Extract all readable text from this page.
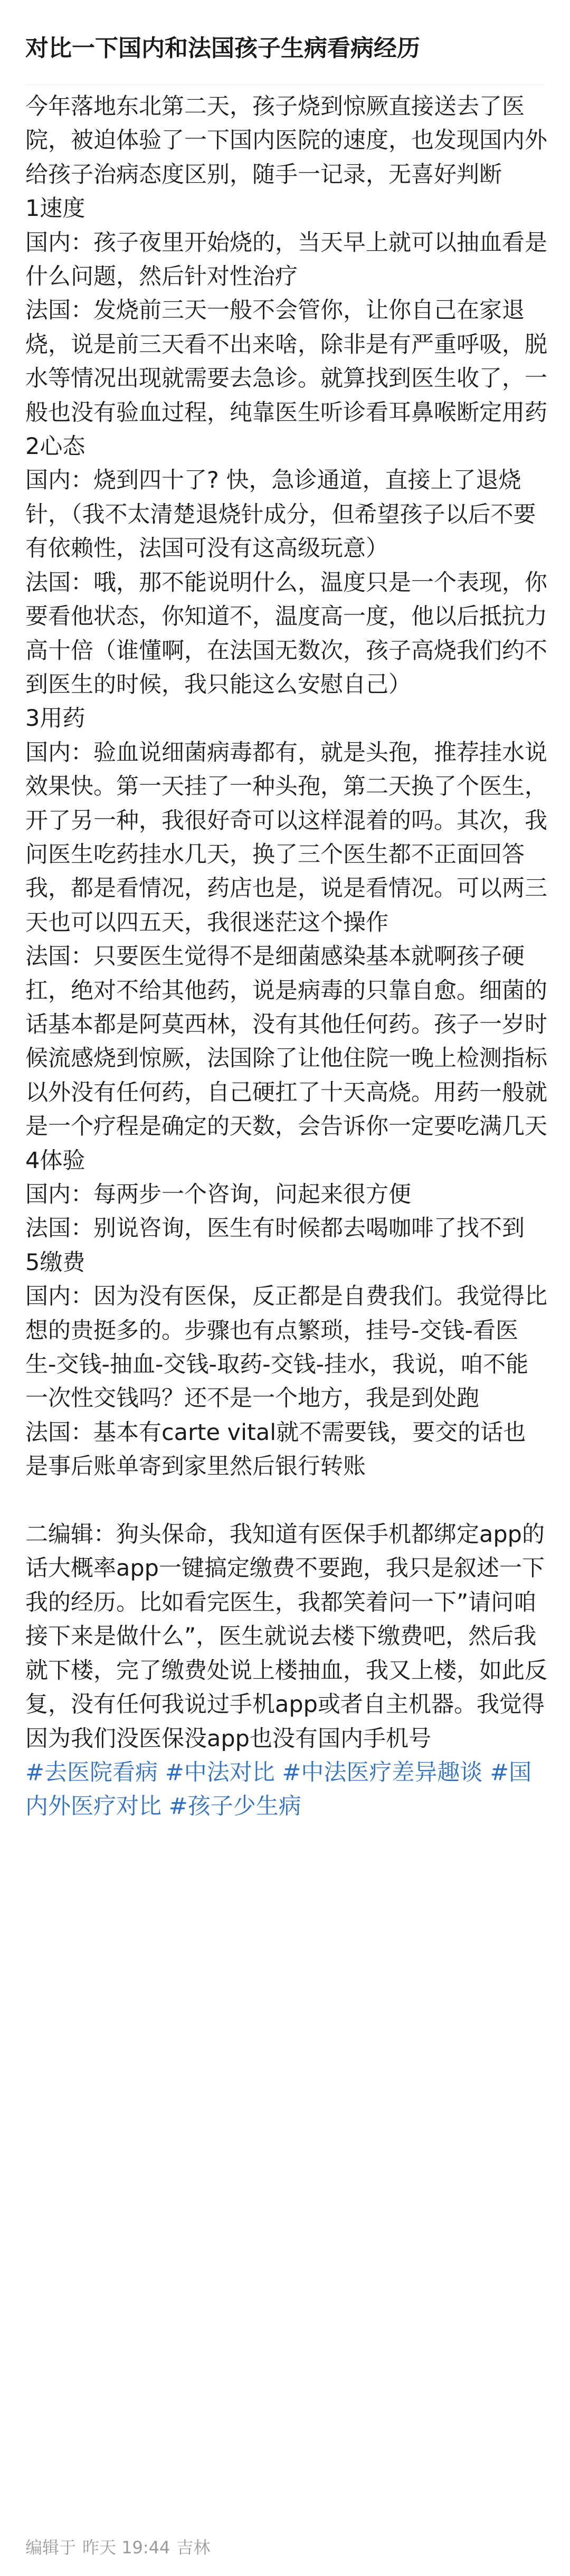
对比一下国内和法国孩子生病看病经历

今年落地东北第二天，孩子烧到惊厥直接送去了医院，被迫体验了一下国内医院的速度，也发现国内外给孩子治病态度区别，随手一记录，无喜好判断

1速度

国内：孩子夜里开始烧的，当天早上就可以抽血看是什么问题，然后针对性治疗

法国：发烧前三天一般不会管你，让你自己在家退烧，说是前三天看不出来啥，除非是有严重呼吸，脱水等情况出现就需要去急诊。就算找到医生收了，一般也没有验血过程，纯靠医生听诊看耳鼻喉断定用药

2心态

国内：烧到四十了? 快，急诊通道，直接上了退烧针，（我不太清楚退烧针成分，但希望孩子以后不要有依赖性，法国可没有这高级玩意）

法国：哦，那不能说明什么，温度只是一个表现，你要看他状态，你知道不，温度高一度，他以后抵抗力高十倍（谁懂啊，在法国无数次，孩子高烧我们约不到医生的时候，我只能这么安慰自己）

3用药

国内：验血说细菌病毒都有，就是头孢，推荐挂水说效果快。第一天挂了一种头孢，第二天换了个医生，开了另一种，我很好奇可以这样混着的吗。其次，我问医生吃药挂水几天，换了三个医生都不正面回答我，都是看情况，药店也是，说是看情况。可以两三天也可以四五天，我很迷茫这个操作

法国：只要医生觉得不是细菌感染基本就啊孩子硬扛，绝对不给其他药，说是病毒的只靠自愈。细菌的话基本都是阿莫西林，没有其他任何药。孩子一岁时候流感烧到惊厥，法国除了让他住院一晚上检测指标以外没有任何药，自己硬扛了十天高烧。用药一般就是一个疗程是确定的天数，会告诉你一定要吃满几天

4体验

国内：每两步一个咨询，问起来很方便

法国：别说咨询，医生有时候都去喝咖啡了找不到

5缴费

国内：因为没有医保，反正都是自费我们。我觉得比想的贵挺多的。步骤也有点繁琐，挂号-交钱-看医生-交钱-抽血-交钱-取药-交钱-挂水，我说，咱不能一次性交钱吗？还不是一个地方，我是到处跑

法国：基本有carte vital就不需要钱，要交的话也是事后账单寄到家里然后银行转账

二编辑：狗头保命，我知道有医保手机都绑定app的话大概率app一键搞定缴费不要跑，我只是叙述一下我的经历。比如看完医生，我都笑着问一下”请问咱接下来是做什么”，医生就说去楼下缴费吧，然后我就下楼，完了缴费处说上楼抽血，我又上楼，如此反复，没有任何我说过手机app或者自主机器。我觉得因为我们没医保没app也没有国内手机号

#去医院看病 #中法对比 #中法医疗差异趣谈 #国内外医疗对比 #孩子少生病

编辑于 昨天 19:44 吉林
